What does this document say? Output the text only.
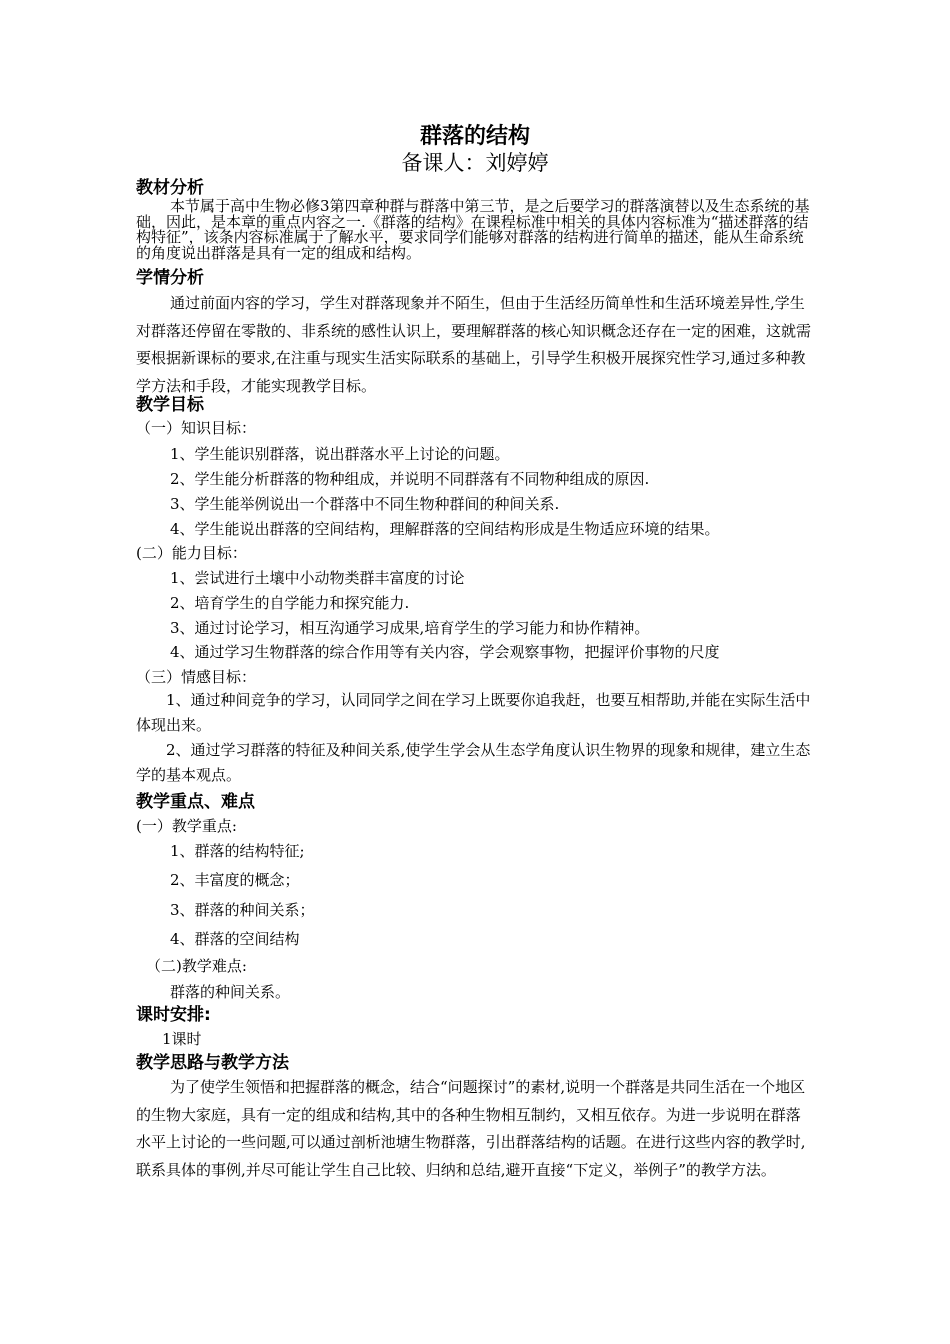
群落的结构
备课人：刘婷婷
教材分析
本节属于高中生物必修3第四章种群与群落中第三节，是之后要学习的群落演替以及生态系统的基础，因此，是本章的重点内容之一.《群落的结构》在课程标准中相关的具体内容标准为“描述群落的结构特征”，该条内容标准属于了解水平，要求同学们能够对群落的结构进行简单的描述，能从生命系统的角度说出群落是具有一定的组成和结构。
学情分析
通过前面内容的学习，学生对群落现象并不陌生，但由于生活经历简单性和生活环境差异性,学生对群落还停留在零散的、非系统的感性认识上，要理解群落的核心知识概念还存在一定的困难，这就需要根据新课标的要求,在注重与现实生活实际联系的基础上，引导学生积极开展探究性学习,通过多种教学方法和手段，才能实现教学目标。
教学目标
（一）知识目标：
1、学生能识别群落，说出群落水平上讨论的问题。
2、学生能分析群落的物种组成，并说明不同群落有不同物种组成的原因.
3、学生能举例说出一个群落中不同生物种群间的种间关系.
4、学生能说出群落的空间结构，理解群落的空间结构形成是生物适应环境的结果。
(二）能力目标：
1、尝试进行土壤中小动物类群丰富度的讨论
2、培育学生的自学能力和探究能力.
3、通过讨论学习，相互沟通学习成果,培育学生的学习能力和协作精神。
4、通过学习生物群落的综合作用等有关内容，学会观察事物，把握评价事物的尺度
（三）情感目标：
1、通过种间竞争的学习，认同同学之间在学习上既要你追我赶，也要互相帮助,并能在实际生活中体现出来。
2、通过学习群落的特征及种间关系,使学生学会从生态学角度认识生物界的现象和规律，建立生态学的基本观点。
教学重点、难点
(一）教学重点:
1、群落的结构特征;
2、丰富度的概念；
3、群落的种间关系；
4、群落的空间结构
（二)教学难点:
群落的种间关系。
课时安排:
1课时
教学思路与教学方法
为了使学生领悟和把握群落的概念，结合“问题探讨”的素材,说明一个群落是共同生活在一个地区的生物大家庭，具有一定的组成和结构,其中的各种生物相互制约，又相互依存。为进一步说明在群落水平上讨论的一些问题,可以通过剖析池塘生物群落，引出群落结构的话题。在进行这些内容的教学时,联系具体的事例,并尽可能让学生自己比较、归纳和总结,避开直接“下定义，举例子”的教学方法。
